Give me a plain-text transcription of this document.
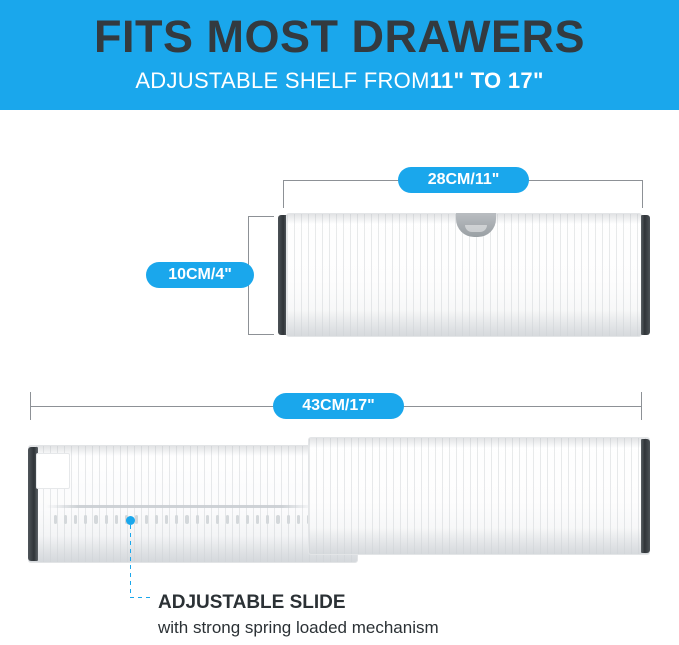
FITS MOST DRAWERS
ADJUSTABLE SHELF FROM11" TO 17"
28CM/11"
10CM/4"
43CM/17"
ADJUSTABLE SLIDE
with strong spring loaded mechanism
